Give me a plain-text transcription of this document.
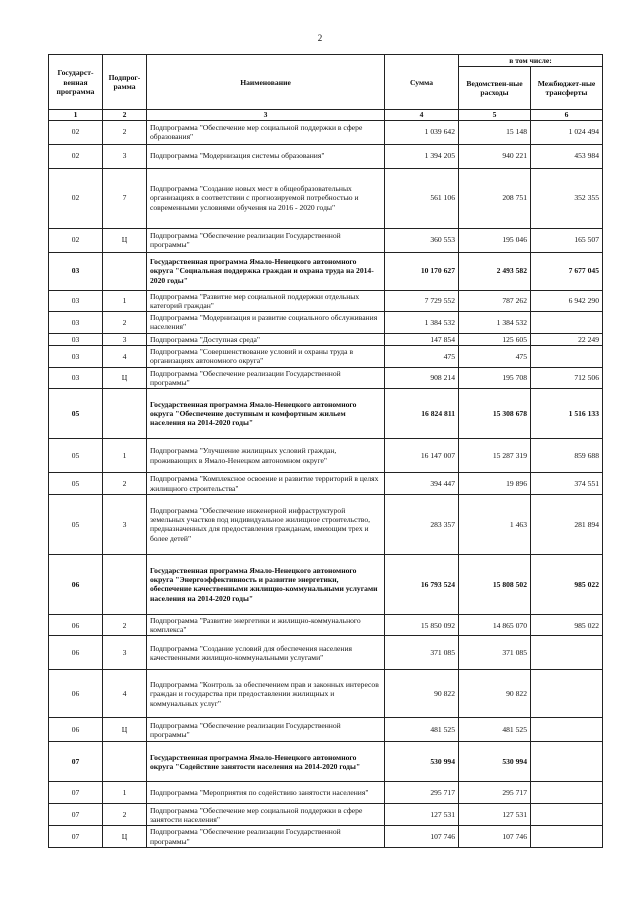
2
Государст-венная программа	Подпрог-рамма	Наименование	Сумма	в том числе:	
				Ведомствен-ные расходы	Межбюджет-ные трансферты
1	2	3	4	5	6
02	2	Подпрограмма "Обеспечение мер социальной поддержки в сфере образования"	1 039 642	15 148	1 024 494
02	3	Подпрограмма "Модернизация системы образования"	1 394 205	940 221	453 984
02	7	Подпрограмма "Создание новых мест в общеобразовательных организациях в соответствии с прогнозируемой потребностью и современными условиями обучения на 2016 - 2020 годы"	561 106	208 751	352 355
02	Ц	Подпрограмма "Обеспечение реализации Государственной программы"	360 553	195 046	165 507
03		Государственная программа Ямало-Ненецкого автономного округа "Социальная поддержка граждан и охрана труда на 2014-2020 годы"	10 170 627	2 493 582	7 677 045
03	1	Подпрограмма "Развитие мер социальной поддержки отдельных категорий граждан"	7 729 552	787 262	6 942 290
03	2	Подпрограмма "Модернизация и развитие социального обслуживания населения"	1 384 532	1 384 532	
03	3	Подпрограмма "Доступная среда"	147 854	125 605	22 249
03	4	Подпрограмма "Совершенствование условий и охраны труда в организациях автономного округа"	475	475	
03	Ц	Подпрограмма "Обеспечение реализации Государственной программы"	908 214	195 708	712 506
05		Государственная программа Ямало-Ненецкого автономного округа "Обеспечение доступным и комфортным жильем населения на 2014-2020 годы"	16 824 811	15 308 678	1 516 133
05	1	Подпрограмма "Улучшение жилищных условий граждан, проживающих в Ямало-Ненецком автономном округе"	16 147 007	15 287 319	859 688
05	2	Подпрограмма "Комплексное освоение и развитие территорий в целях жилищного строительства"	394 447	19 896	374 551
05	3	Подпрограмма "Обеспечение инженерной инфраструктурой земельных участков под индивидуальное жилищное строительство, предназначенных для предоставления гражданам, имеющим трех и более детей"	283 357	1 463	281 894
06		Государственная программа Ямало-Ненецкого автономного округа "Энергоэффективность и развитие энергетики, обеспечение качественными жилищно-коммунальными услугами населения на 2014-2020 годы"	16 793 524	15 808 502	985 022
06	2	Подпрограмма "Развитие энергетики и жилищно-коммунального комплекса"	15 850 092	14 865 070	985 022
06	3	Подпрограмма "Создание условий для обеспечения населения качественными жилищно-коммунальными услугами"	371 085	371 085	
06	4	Подпрограмма "Контроль за обеспечением прав и законных интересов граждан и государства при предоставлении жилищных и коммунальных услуг"	90 822	90 822	
06	Ц	Подпрограмма "Обеспечение реализации Государственной программы"	481 525	481 525	
07		Государственная программа Ямало-Ненецкого автономного округа "Содействие занятости населения на 2014-2020 годы"	530 994	530 994	
07	1	Подпрограмма "Мероприятия по содействию занятости населения"	295 717	295 717	
07	2	Подпрограмма "Обеспечение мер социальной поддержки в сфере занятости населения"	127 531	127 531	
07	Ц	Подпрограмма "Обеспечение реализации Государственной программы"	107 746	107 746	
